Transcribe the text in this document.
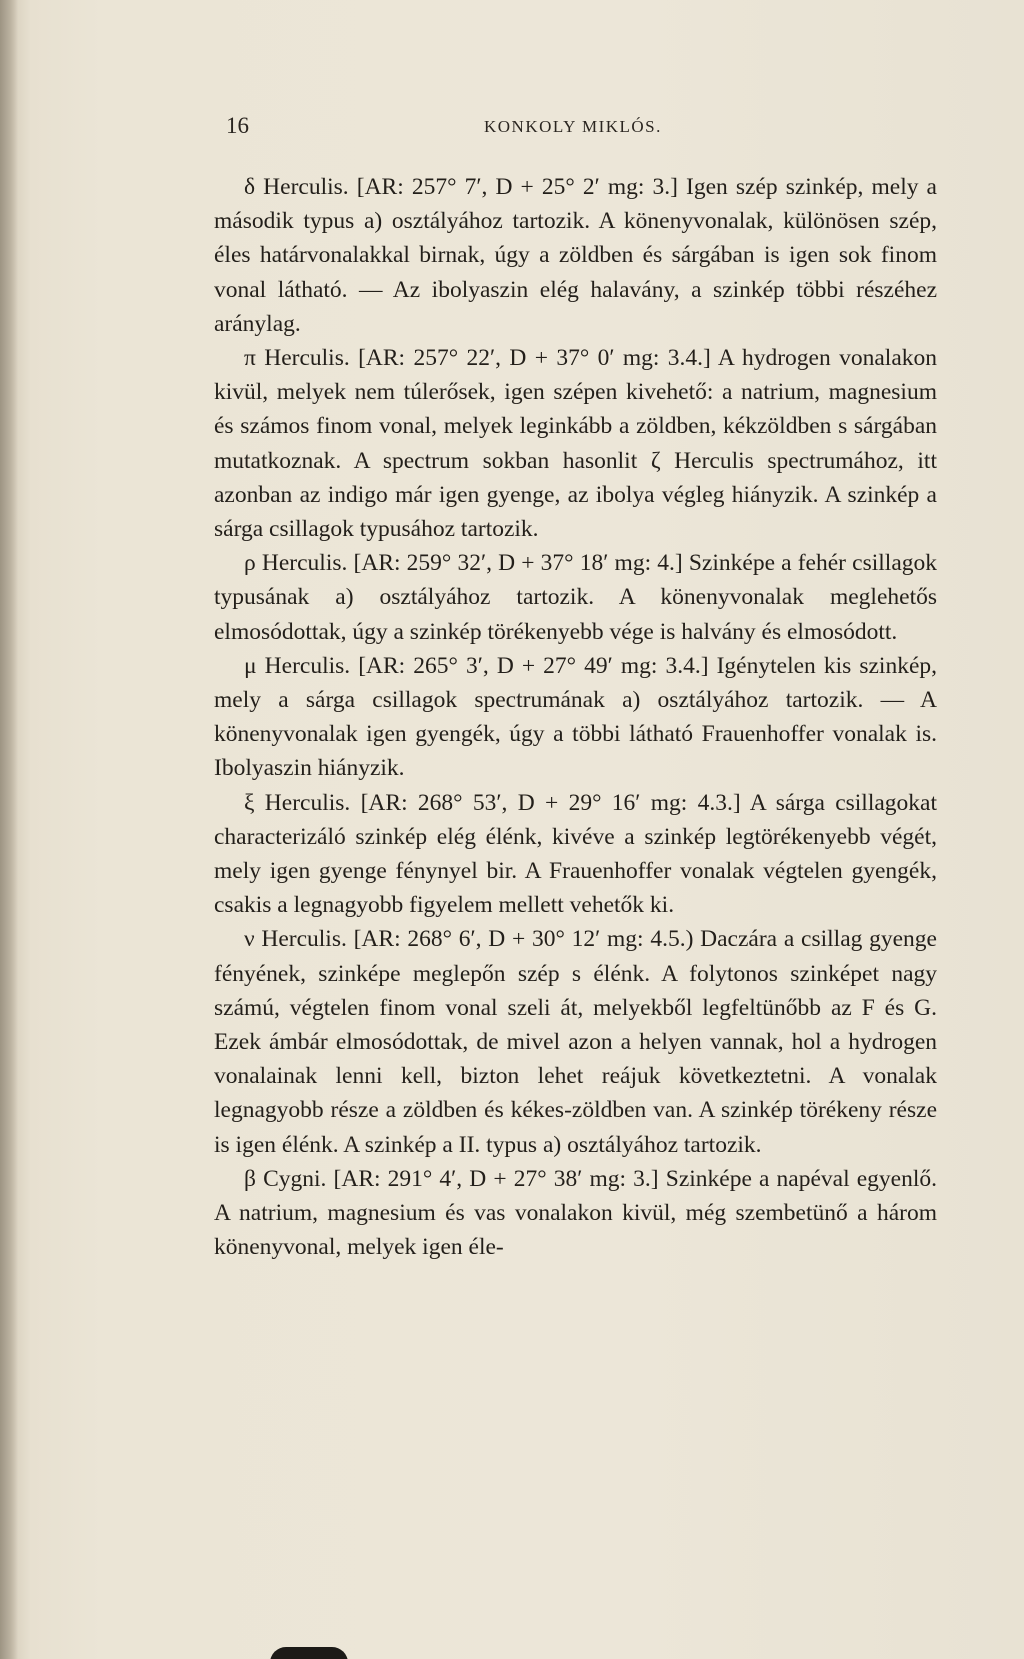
16	KONKOLY MIKLÓS.

δ Herculis. [AR: 257° 7′, D + 25° 2′ mg: 3.] Igen szép szinkép, mely a második typus a) osztályához tartozik. A könenyvonalak, különösen szép, éles határvonalakkal birnak, úgy a zöldben és sárgában is igen sok finom vonal látható. — Az ibolyaszin elég halavány, a szinkép többi részéhez aránylag.

π Herculis. [AR: 257° 22′, D + 37° 0′ mg: 3.4.] A hydrogen vonalakon kivül, melyek nem túlerősek, igen szépen kivehető: a natrium, magnesium és számos finom vonal, melyek leginkább a zöldben, kékzöldben s sárgában mutatkoznak. A spectrum sokban hasonlit ζ Herculis spectrumához, itt azonban az indigo már igen gyenge, az ibolya végleg hiányzik. A szinkép a sárga csillagok typusához tartozik.

ρ Herculis. [AR: 259° 32′, D + 37° 18′ mg: 4.] Szinképe a fehér csillagok typusának a) osztályához tartozik. A könenyvonalak meglehetős elmosódottak, úgy a szinkép törékenyebb vége is halvány és elmosódott.

μ Herculis. [AR: 265° 3′, D + 27° 49′ mg: 3.4.] Igénytelen kis szinkép, mely a sárga csillagok spectrumának a) osztályához tartozik. — A könenyvonalak igen gyengék, úgy a többi látható Frauenhoffer vonalak is. Ibolyaszin hiányzik.

ξ Herculis. [AR: 268° 53′, D + 29° 16′ mg: 4.3.] A sárga csillagokat characterizáló szinkép elég élénk, kivéve a szinkép legtörékenyebb végét, mely igen gyenge fénynyel bir. A Frauenhoffer vonalak végtelen gyengék, csakis a legnagyobb figyelem mellett vehetők ki.

ν Herculis. [AR: 268° 6′, D + 30° 12′ mg: 4.5.) Daczára a csillag gyenge fényének, szinképe meglepőn szép s élénk. A folytonos szinképet nagy számú, végtelen finom vonal szeli át, melyekből legfeltünőbb az F és G. Ezek ámbár elmosódottak, de mivel azon a helyen vannak, hol a hydrogen vonalainak lenni kell, bizton lehet reájuk következtetni. A vonalak legnagyobb része a zöldben és kékes-zöldben van. A szinkép törékeny része is igen élénk. A szinkép a II. typus a) osztályához tartozik.

β Cygni. [AR: 291° 4′, D + 27° 38′ mg: 3.] Szinképe a napéval egyenlő. A natrium, magnesium és vas vonalakon kivül, még szembetünő a három könenyvonal, melyek igen éle-
